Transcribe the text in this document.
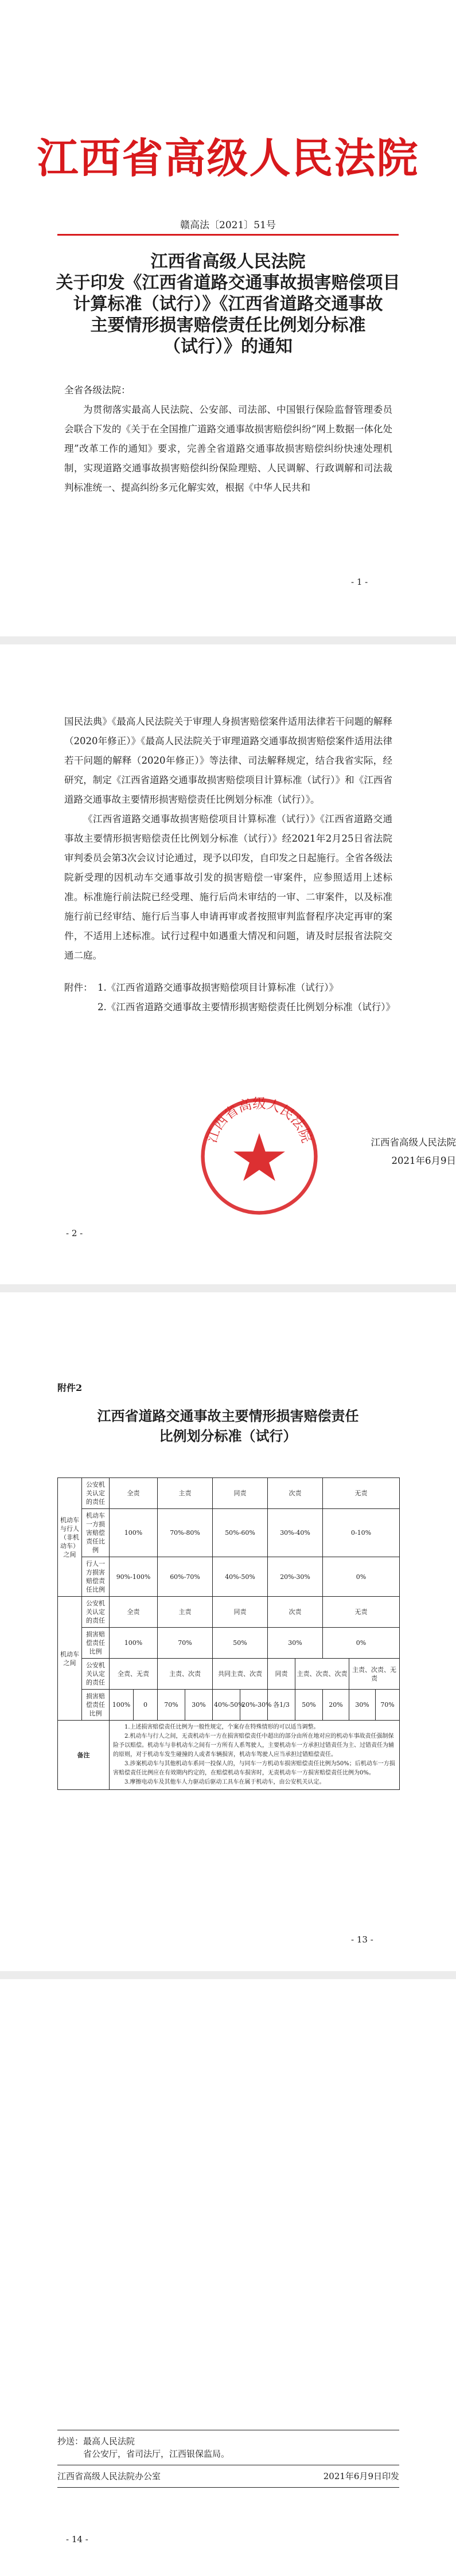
江西省高级人民法院
赣高法〔2021〕51号
江西省高级人民法院
关于印发《江西省道路交通事故损害赔偿项目
计算标准（试行）》《江西省道路交通事故
主要情形损害赔偿责任比例划分标准
（试行）》的通知

全省各级法院：

为贯彻落实最高人民法院、公安部、司法部、中国银行保险监督管理委员会联合下发的《关于在全国推广道路交通事故损害赔偿纠纷“网上数据一体化处理”改革工作的通知》要求，完善全省道路交通事故损害赔偿纠纷快速处理机制，实现道路交通事故损害赔偿纠纷保险理赔、人民调解、行政调解和司法裁判标准统一、提高纠纷多元化解实效，根据《中华人民共和

- 1 -

国民法典》《最高人民法院关于审理人身损害赔偿案件适用法律若干问题的解释（2020年修正）》《最高人民法院关于审理道路交通事故损害赔偿案件适用法律若干问题的解释（2020年修正）》等法律、司法解释规定，结合我省实际，经研究，制定《江西省道路交通事故损害赔偿项目计算标准（试行）》和《江西省道路交通事故主要情形损害赔偿责任比例划分标准（试行）》。

《江西省道路交通事故损害赔偿项目计算标准（试行）》《江西省道路交通事故主要情形损害赔偿责任比例划分标准（试行）》经2021年2月25日省法院审判委员会第3次会议讨论通过，现予以印发，自印发之日起施行。全省各级法院新受理的因机动车交通事故引发的损害赔偿一审案件，应参照适用上述标准。标准施行前法院已经受理、施行后尚未审结的一审、二审案件，以及标准施行前已经审结、施行后当事人申请再审或者按照审判监督程序决定再审的案件，不适用上述标准。试行过程中如遇重大情况和问题，请及时层报省法院交通二庭。

- 2 -
附件： 1. 《江西省道路交通事故损害赔偿项目计算标准（试行）》
2. 《江西省道路交通事故主要情形损害赔偿责任比例划分标准（试行）》
江西省高级人民法院	江西省高级人民法院
2021年6月9日
- 13 -
附件2
江西省道路交通事故主要情形损害赔偿责任
比例划分标准（试行）
机动车与行人（非机动车）之间	公安机关认定的责任	全责		主责		同责		次责		无责		
	机动车一方损害赔偿责任比例	100%		70%-80%		50%-60%		30%-40%		0-10%		
	行人一方损害赔偿责任比例	90%-100%		60%-70%		40%-50%		20%-30%		0%		
机动车之间	公安机关认定的责任	全责		主责		同责		次责		无责		
	损害赔偿责任比例	100%		70%		50%		30%		0%		
	公安机关认定的责任	全责、无责		主责、次责		共同主责、次责		同责	主责、次责、次责		主责、次责、无责	
	损害赔偿责任比例	100%	0	70%	30%	40%-50%	20%-30%	各1/3	50%	20%	30%	70%
备注		1.上述损害赔偿责任比例为一般性规定，个案存在特殊情形的可以适当调整。
2.机动车与行人之间，无责机动车一方在损害赔偿责任中超出的部分由所在地对应的机动车事故责任强制保险予以赔偿。机动车与非机动车之间有一方所有人系驾驶人，主要机动车一方承担过错责任为主、过错责任为辅的原则，对于机动车发生碰撞的人或者车辆损害，机动车驾驶人应当承担过错赔偿责任。
3.涉案机动车与其他机动车系同一投保人的，与同车一方机动车损害赔偿责任比例为50%；后机动车一方损害赔偿责任比例应在有效期内约定的，在赔偿机动车损害时，无责机动车一方损害赔偿责任比例为0%。
3.摩擦电动车及其他车人力驱动后驱动工具车在属于机动车，由公安机关认定。										
- 14 -
抄送：最高人民法院
省公安厅，省司法厅，江西银保监局。
江西省高级人民法院办公室	2021年6月9日印发
